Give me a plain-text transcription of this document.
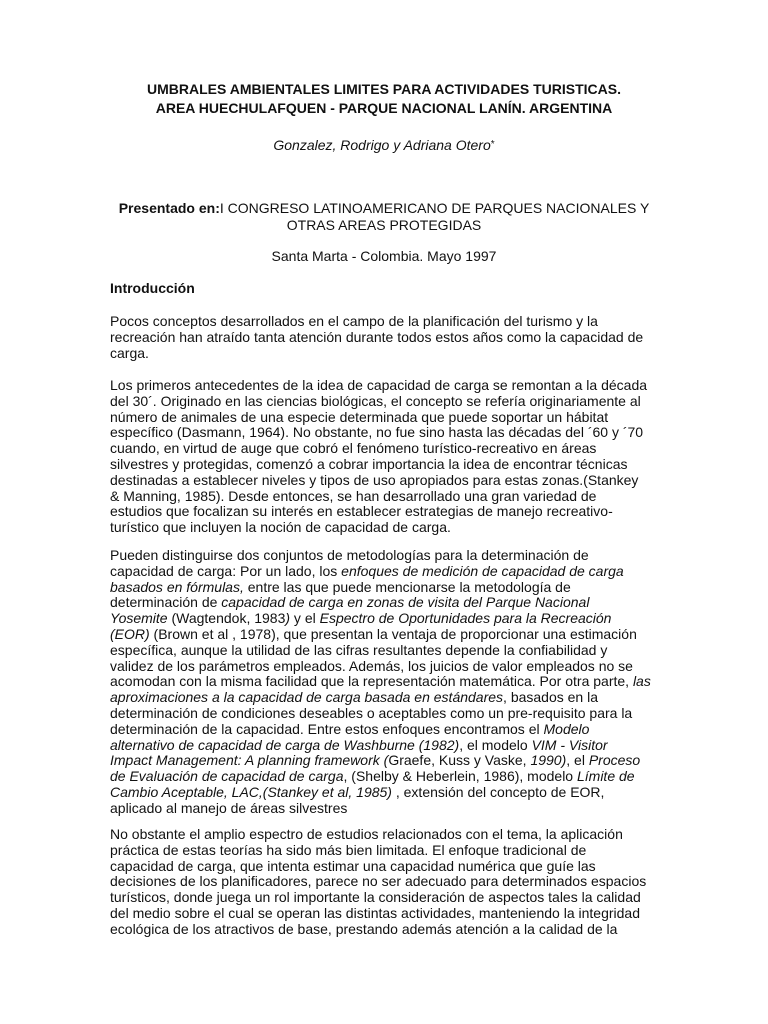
UMBRALES AMBIENTALES LIMITES PARA ACTIVIDADES TURISTICAS.
AREA HUECHULAFQUEN - PARQUE NACIONAL LANÍN. ARGENTINA
Gonzalez, Rodrigo y Adriana Otero*
Presentado en:I CONGRESO LATINOAMERICANO DE PARQUES NACIONALES Y
OTRAS AREAS PROTEGIDAS
Santa Marta - Colombia. Mayo 1997
Introducción
Pocos conceptos desarrollados en el campo de la planificación del turismo y la
recreación han atraído tanta atención durante todos estos años como la capacidad de
carga.
Los primeros antecedentes de la idea de capacidad de carga se remontan a la década
del 30´. Originado en las ciencias biológicas, el concepto se refería originariamente al
número de animales de una especie determinada que puede soportar un hábitat
específico (Dasmann, 1964). No obstante, no fue sino hasta las décadas del ´60 y ´70
cuando, en virtud de auge que cobró el fenómeno turístico-recreativo en áreas
silvestres y protegidas, comenzó a cobrar importancia la idea de encontrar técnicas
destinadas a establecer niveles y tipos de uso apropiados para estas zonas.(Stankey
& Manning, 1985). Desde entonces, se han desarrollado una gran variedad de
estudios que focalizan su interés en establecer estrategias de manejo recreativo-
turístico que incluyen la noción de capacidad de carga.
Pueden distinguirse dos conjuntos de metodologías para la determinación de
capacidad de carga: Por un lado, los enfoques de medición de capacidad de carga
basados en fórmulas, entre las que puede mencionarse la metodología de
determinación de capacidad de carga en zonas de visita del Parque Nacional
Yosemite (Wagtendok, 1983) y el Espectro de Oportunidades para la Recreación
(EOR) (Brown et al , 1978), que presentan la ventaja de proporcionar una estimación
específica, aunque la utilidad de las cifras resultantes depende la confiabilidad y
validez de los parámetros empleados. Además, los juicios de valor empleados no se
acomodan con la misma facilidad que la representación matemática. Por otra parte, las
aproximaciones a la capacidad de carga basada en estándares, basados en la
determinación de condiciones deseables o aceptables como un pre-requisito para la
determinación de la capacidad. Entre estos enfoques encontramos el Modelo
alternativo de capacidad de carga de Washburne (1982), el modelo VIM - Visitor
Impact Management: A planning framework (Graefe, Kuss y Vaske, 1990), el Proceso
de Evaluación de capacidad de carga, (Shelby & Heberlein, 1986), modelo Límite de
Cambio Aceptable, LAC,(Stankey et al, 1985) , extensión del concepto de EOR,
aplicado al manejo de áreas silvestres
No obstante el amplio espectro de estudios relacionados con el tema, la aplicación
práctica de estas teorías ha sido más bien limitada. El enfoque tradicional de
capacidad de carga, que intenta estimar una capacidad numérica que guíe las
decisiones de los planificadores, parece no ser adecuado para determinados espacios
turísticos, donde juega un rol importante la consideración de aspectos tales la calidad
del medio sobre el cual se operan las distintas actividades, manteniendo la integridad
ecológica de los atractivos de base, prestando además atención a la calidad de la
